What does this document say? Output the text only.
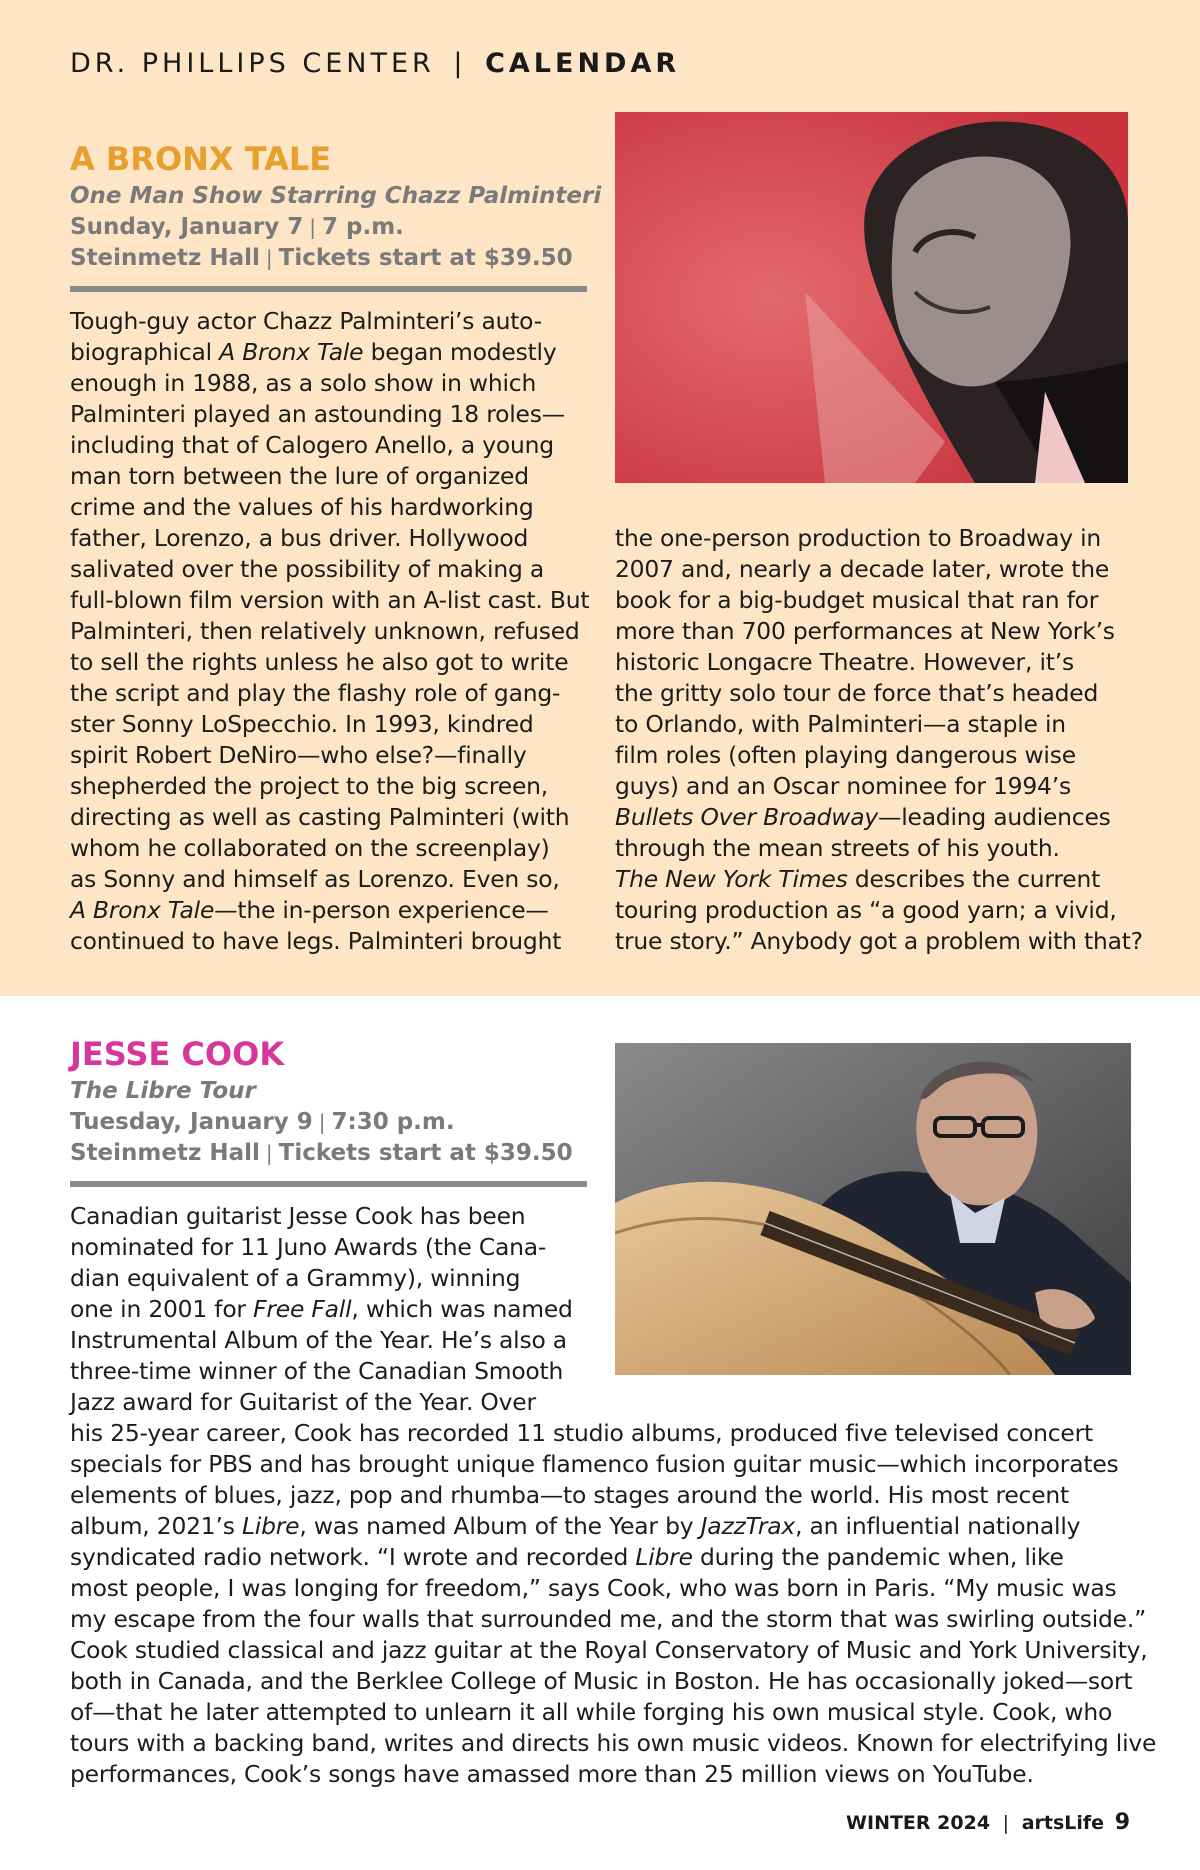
DR. PHILLIPS CENTER | CALENDAR
A BRONX TALE
One Man Show Starring Chazz Palminteri
Sunday, January 7 | 7 p.m.
Steinmetz Hall | Tickets start at $39.50
Tough-guy actor Chazz Palminteri’s auto-
biographical A Bronx Tale began modestly
enough in 1988, as a solo show in which
Palminteri played an astounding 18 roles—
including that of Calogero Anello, a young
man torn between the lure of organized
crime and the values of his hardworking
father, Lorenzo, a bus driver. Hollywood
salivated over the possibility of making a
full-blown film version with an A-list cast. But
Palminteri, then relatively unknown, refused
to sell the rights unless he also got to write
the script and play the flashy role of gang-
ster Sonny LoSpecchio. In 1993, kindred
spirit Robert DeNiro—who else?—finally
shepherded the project to the big screen,
directing as well as casting Palminteri (with
whom he collaborated on the screenplay)
as Sonny and himself as Lorenzo. Even so,
A Bronx Tale—the in-person experience—
continued to have legs. Palminteri brought
the one-person production to Broadway in
2007 and, nearly a decade later, wrote the
book for a big-budget musical that ran for
more than 700 performances at New York’s
historic Longacre Theatre. However, it’s
the gritty solo tour de force that’s headed
to Orlando, with Palminteri—a staple in
film roles (often playing dangerous wise
guys) and an Oscar nominee for 1994’s
Bullets Over Broadway—leading audiences
through the mean streets of his youth.
The New York Times describes the current
touring production as “a good yarn; a vivid,
true story.” Anybody got a problem with that?
JESSE COOK
The Libre Tour
Tuesday, January 9 | 7:30 p.m.
Steinmetz Hall | Tickets start at $39.50
Canadian guitarist Jesse Cook has been
nominated for 11 Juno Awards (the Cana-
dian equivalent of a Grammy), winning
one in 2001 for Free Fall, which was named
Instrumental Album of the Year. He’s also a
three-time winner of the Canadian Smooth
Jazz award for Guitarist of the Year. Over
his 25-year career, Cook has recorded 11 studio albums, produced five televised concert
specials for PBS and has brought unique flamenco fusion guitar music—which incorporates
elements of blues, jazz, pop and rhumba—to stages around the world. His most recent
album, 2021’s Libre, was named Album of the Year by JazzTrax, an influential nationally
syndicated radio network. “I wrote and recorded Libre during the pandemic when, like
most people, I was longing for freedom,” says Cook, who was born in Paris. “My music was
my escape from the four walls that surrounded me, and the storm that was swirling outside.”
Cook studied classical and jazz guitar at the Royal Conservatory of Music and York University,
both in Canada, and the Berklee College of Music in Boston. He has occasionally joked—sort
of—that he later attempted to unlearn it all while forging his own musical style. Cook, who
tours with a backing band, writes and directs his own music videos. Known for electrifying live
performances, Cook’s songs have amassed more than 25 million views on YouTube.
WINTER 2024 | artsLife 9
